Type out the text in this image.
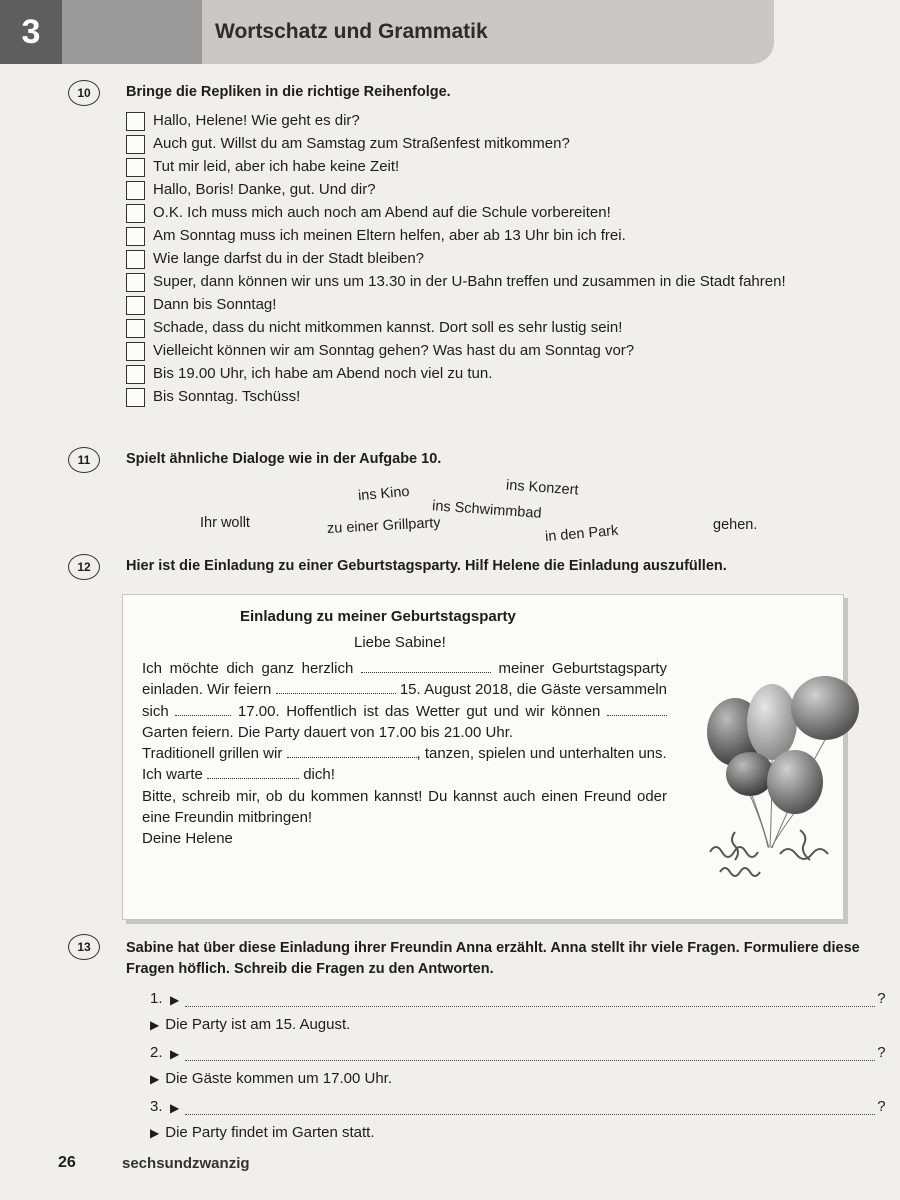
3	Wortschatz und Grammatik
10	Bringe die Repliken in die richtige Reihenfolge.
Hallo, Helene! Wie geht es dir?
Auch gut. Willst du am Samstag zum Straßenfest mitkommen?
Tut mir leid, aber ich habe keine Zeit!
Hallo, Boris! Danke, gut. Und dir?
O.K. Ich muss mich auch noch am Abend auf die Schule vorbereiten!
Am Sonntag muss ich meinen Eltern helfen, aber ab 13 Uhr bin ich frei.
Wie lange darfst du in der Stadt bleiben?
Super, dann können wir uns um 13.30 in der U-Bahn treffen und zusammen in die Stadt fahren!
Dann bis Sonntag!
Schade, dass du nicht mitkommen kannst. Dort soll es sehr lustig sein!
Vielleicht können wir am Sonntag gehen? Was hast du am Sonntag vor?
Bis 19.00 Uhr, ich habe am Abend noch viel zu tun.
Bis Sonntag. Tschüss!
11	Spielt ähnliche Dialoge wie in der Aufgabe 10.
Ihr wollt
ins Kino	ins Konzert
ins Schwimmbad
zu einer Grillparty	in den Park	gehen.
12	Hier ist die Einladung zu einer Geburtstagsparty. Hilf Helene die Einladung auszufüllen.
Einladung zu meiner Geburtstagsparty
Liebe Sabine!

Ich möchte dich ganz herzlich	meiner Geburtstagsparty einladen. Wir feiern	15. August 2018, die Gäste versammeln sich	17.00. Hoffentlich ist das Wetter gut und wir können  Garten feiern. Die Party dauert von 17.00 bis 21.00 Uhr.

Traditionell grillen wir	, tanzen, spielen und unterhalten uns.

Ich warte	dich!

Bitte, schreib mir, ob du kommen kannst! Du kannst auch einen Freund oder eine Freundin mitbringen!

Deine Helene

13	Sabine hat über diese Einladung ihrer Freundin Anna erzählt. Anna stellt ihr viele Fragen. Formuliere diese Fragen höflich. Schreib die Fragen zu den Antworten.
1. ▶	?
▶ Die Party ist am 15. August.
2. ▶	?
▶ Die Gäste kommen um 17.00 Uhr.
3. ▶	?
▶ Die Party findet im Garten statt.
26	sechsundzwanzig
